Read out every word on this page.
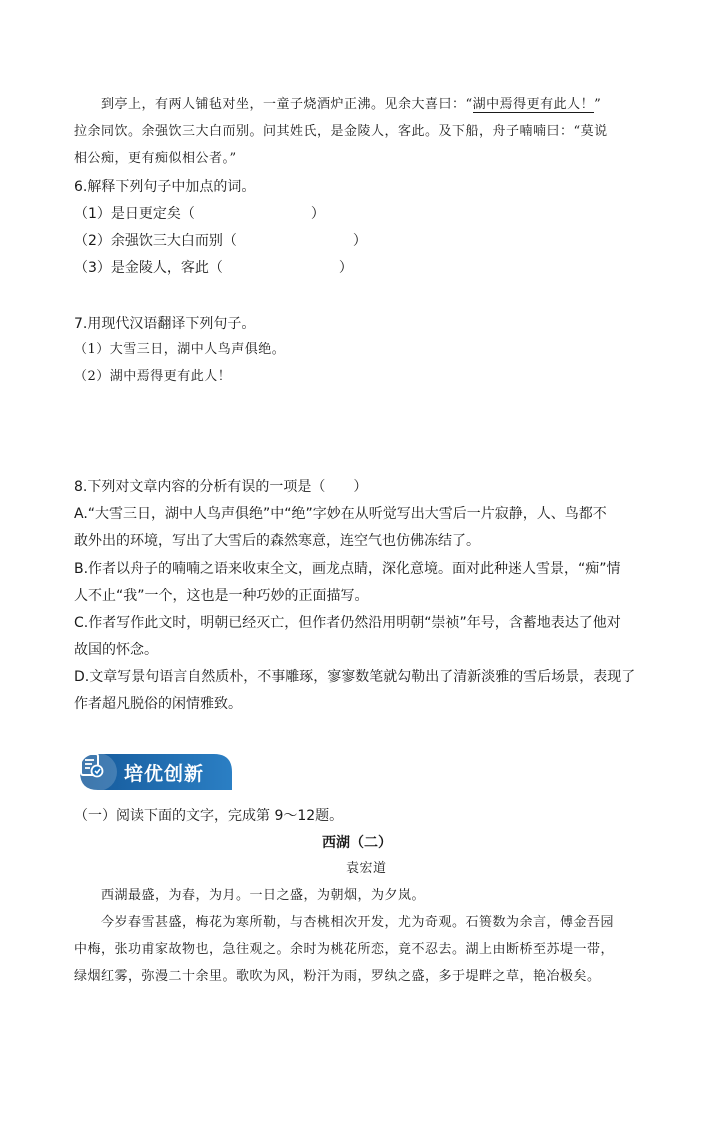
到亭上，有两人铺毡对坐，一童子烧酒炉正沸。见余大喜曰：“湖中焉得更有此人！”
拉余同饮。余强饮三大白而别。问其姓氏，是金陵人，客此。及下船，舟子喃喃曰：“莫说
相公痴，更有痴似相公者。”
6.解释下列句子中加点的词。
（1）是日更定矣（	）
（2）余强饮三大白而别（	）
（3）是金陵人，客此（	）
7.用现代汉语翻译下列句子。
（1）大雪三日，湖中人鸟声俱绝。
（2）湖中焉得更有此人！
8.下列对文章内容的分析有误的一项是（　　）
A.“大雪三日，湖中人鸟声俱绝”中“绝”字妙在从听觉写出大雪后一片寂静，人、鸟都不
敢外出的环境，写出了大雪后的森然寒意，连空气也仿佛冻结了。
B.作者以舟子的喃喃之语来收束全文，画龙点睛，深化意境。面对此种迷人雪景，“痴”情
人不止“我”一个，这也是一种巧妙的正面描写。
C.作者写作此文时，明朝已经灭亡，但作者仍然沿用明朝“崇祯”年号，含蓄地表达了他对
故国的怀念。
D.文章写景句语言自然质朴，不事雕琢，寥寥数笔就勾勒出了清新淡雅的雪后场景，表现了
作者超凡脱俗的闲情雅致。
培优创新
（一）阅读下面的文字，完成第 9～12题。
西湖（二）
袁宏道
西湖最盛，为春，为月。一日之盛，为朝烟，为夕岚。
今岁春雪甚盛，梅花为寒所勒，与杏桃相次开发，尤为奇观。石篑数为余言，傅金吾园
中梅，张功甫家故物也，急往观之。余时为桃花所恋，竟不忍去。湖上由断桥至苏堤一带，
绿烟红雾，弥漫二十余里。歌吹为风，粉汗为雨，罗纨之盛，多于堤畔之草，艳冶极矣。
